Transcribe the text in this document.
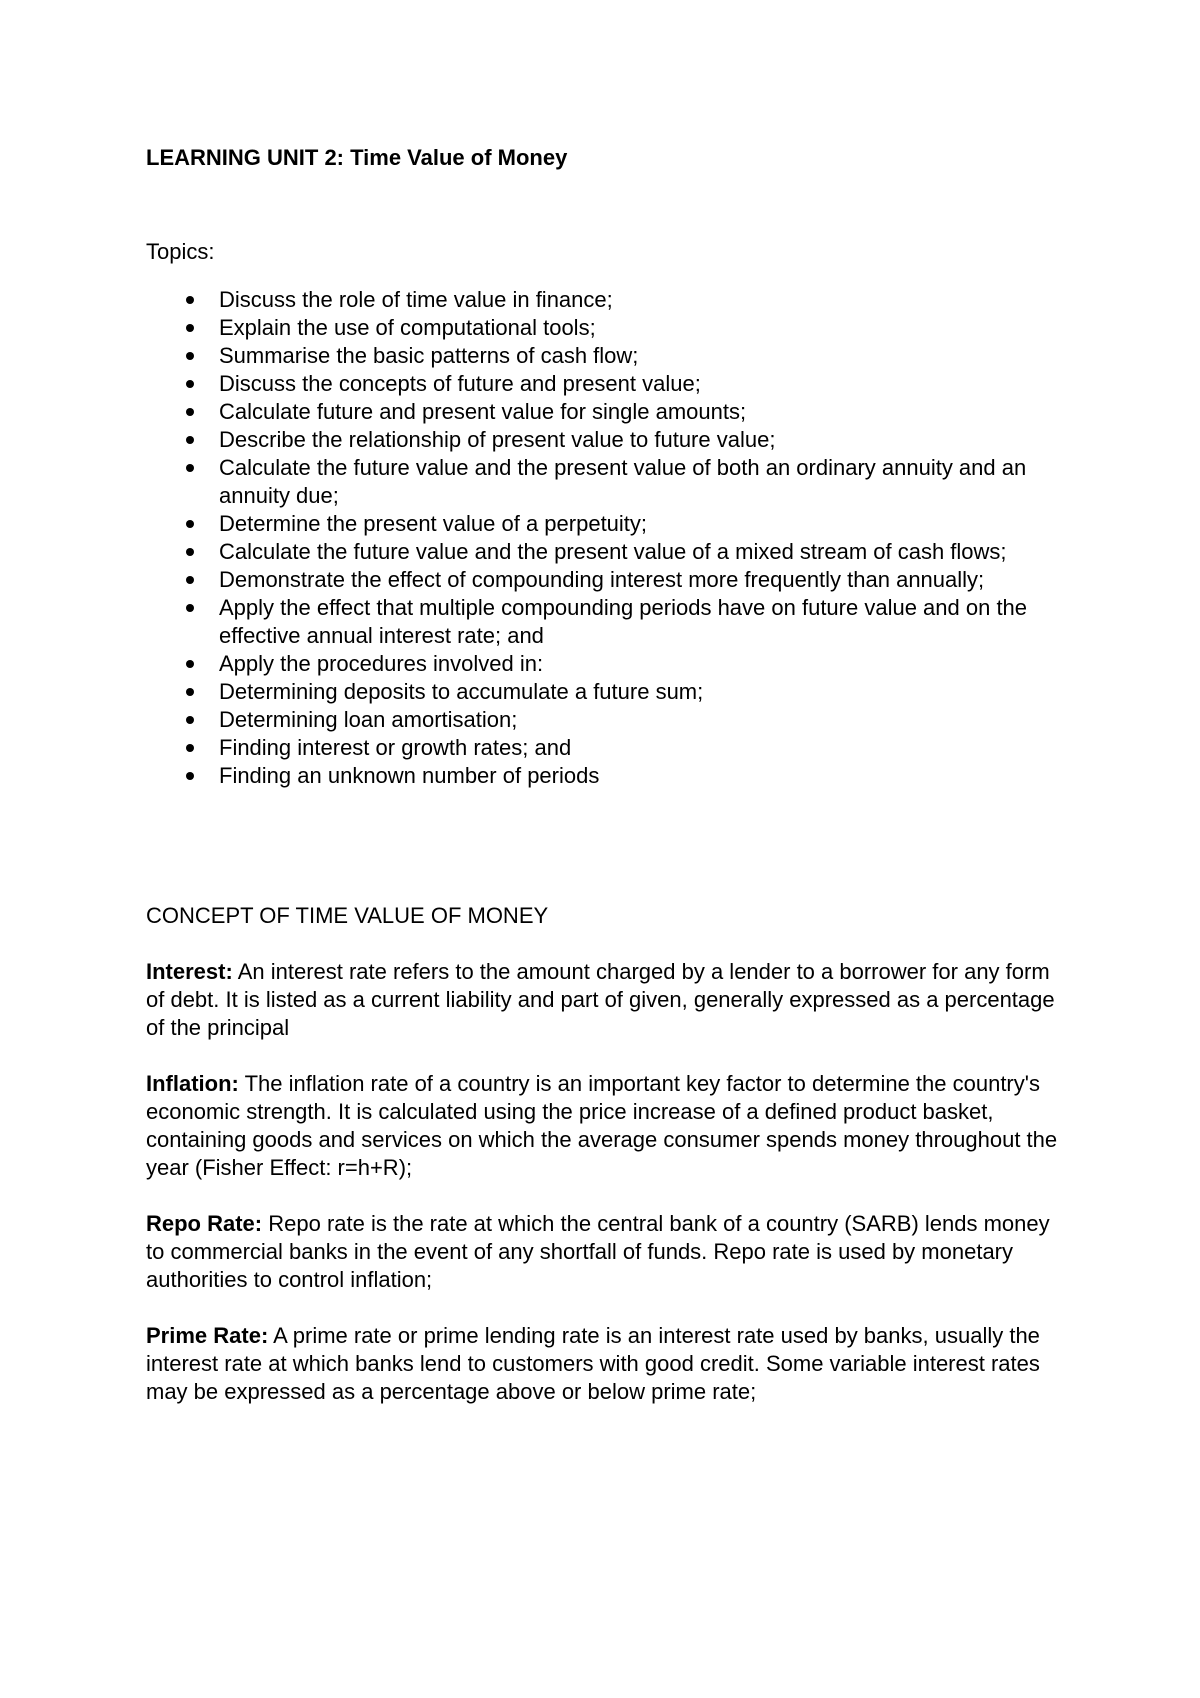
LEARNING UNIT 2: Time Value of Money

Topics:

Discuss the role of time value in finance;
Explain the use of computational tools;
Summarise the basic patterns of cash flow;
Discuss the concepts of future and present value;
Calculate future and present value for single amounts;
Describe the relationship of present value to future value;
Calculate the future value and the present value of both an ordinary annuity and an annuity due;
Determine the present value of a perpetuity;
Calculate the future value and the present value of a mixed stream of cash flows;
Demonstrate the effect of compounding interest more frequently than annually;
Apply the effect that multiple compounding periods have on future value and on the effective annual interest rate; and
Apply the procedures involved in:
Determining deposits to accumulate a future sum;
Determining loan amortisation;
Finding interest or growth rates; and
Finding an unknown number of periods

CONCEPT OF TIME VALUE OF MONEY

Interest: An interest rate refers to the amount charged by a lender to a borrower for any form of debt. It is listed as a current liability and part of given, generally expressed as a percentage of the principal

Inflation: The inflation rate of a country is an important key factor to determine the country's economic strength. It is calculated using the price increase of a defined product basket, containing goods and services on which the average consumer spends money throughout the year (Fisher Effect: r=h+R);

Repo Rate: Repo rate is the rate at which the central bank of a country (SARB) lends money to commercial banks in the event of any shortfall of funds. Repo rate is used by monetary authorities to control inflation;

Prime Rate: A prime rate or prime lending rate is an interest rate used by banks, usually the interest rate at which banks lend to customers with good credit. Some variable interest rates may be expressed as a percentage above or below prime rate;
